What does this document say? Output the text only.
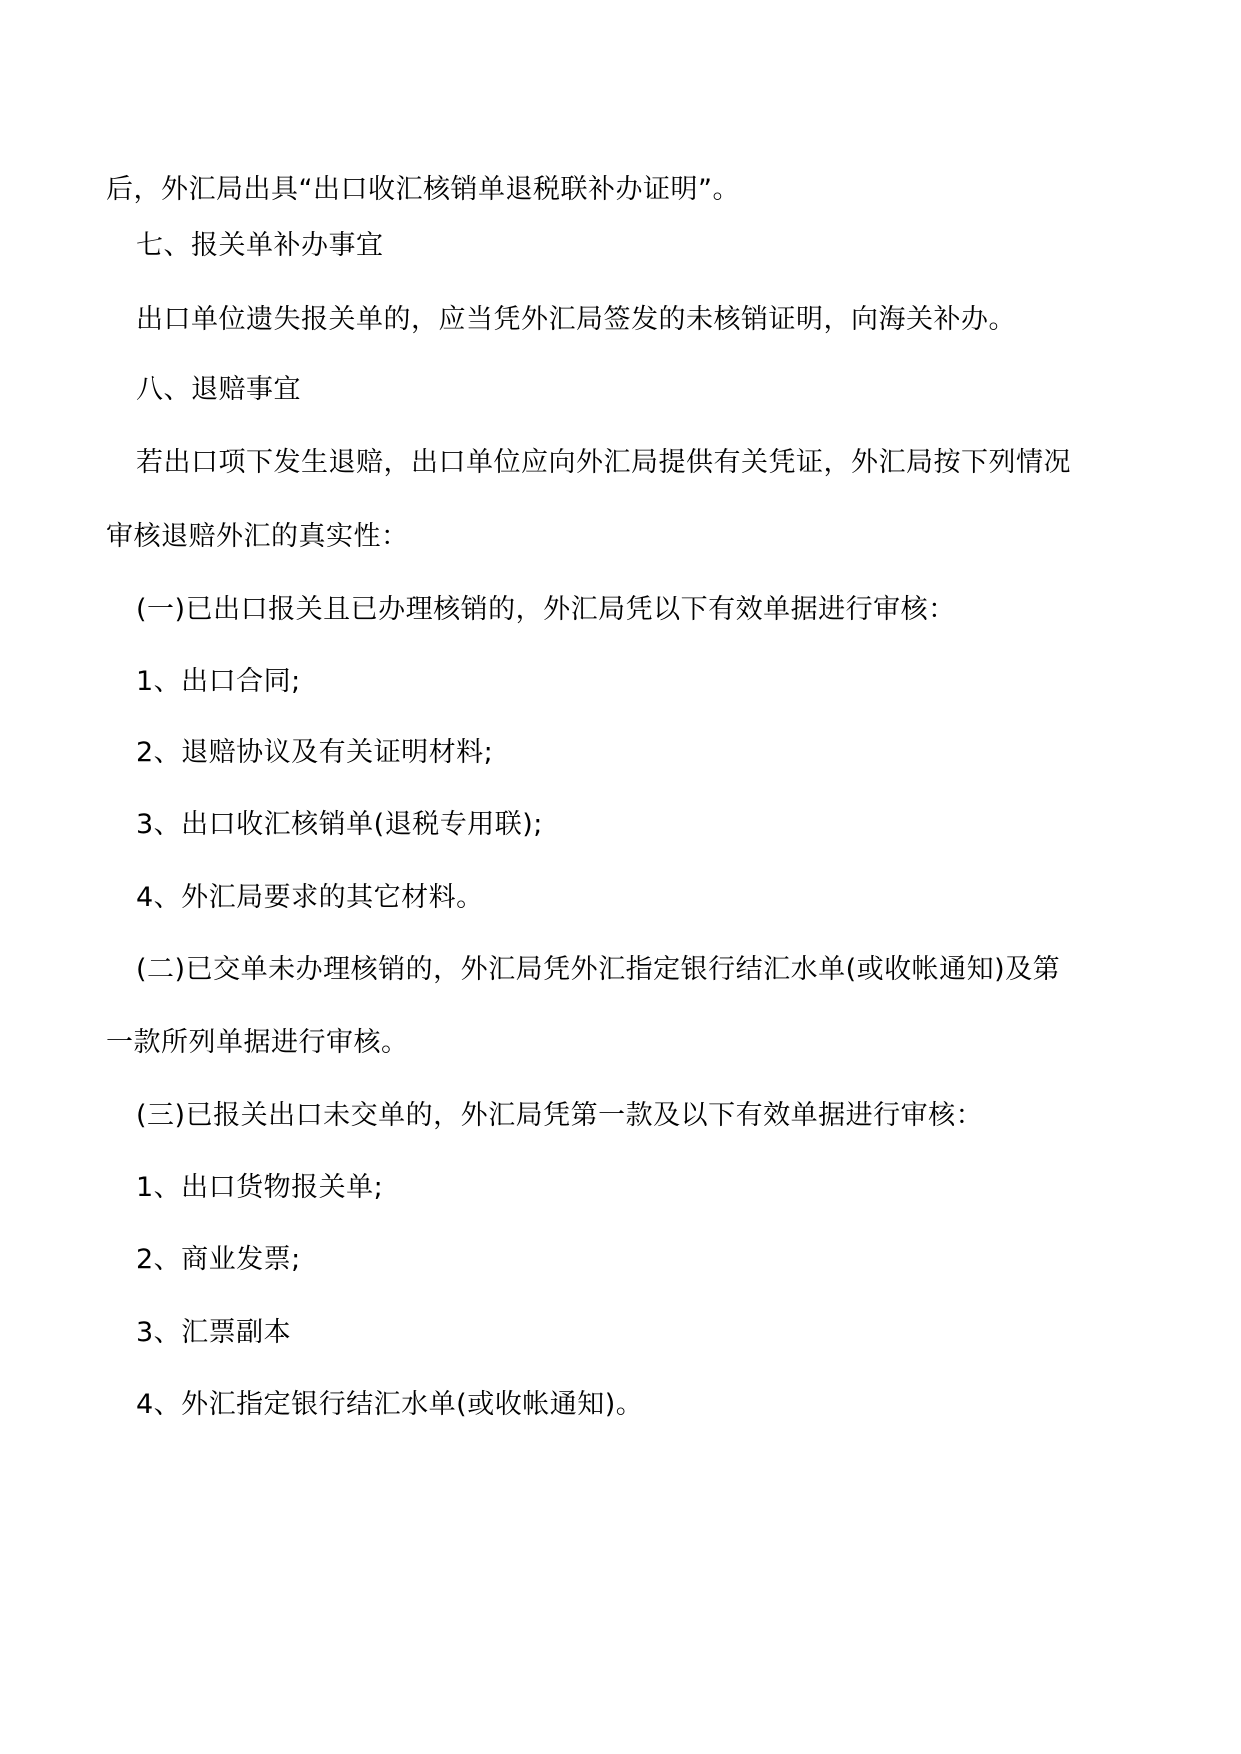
后，外汇局出具“出口收汇核销单退税联补办证明”。
七、报关单补办事宜
出口单位遗失报关单的，应当凭外汇局签发的未核销证明，向海关补办。
八、退赔事宜
若出口项下发生退赔，出口单位应向外汇局提供有关凭证，外汇局按下列情况
审核退赔外汇的真实性：
(一)已出口报关且已办理核销的，外汇局凭以下有效单据进行审核：
1、出口合同;
2、退赔协议及有关证明材料;
3、出口收汇核销单(退税专用联);
4、外汇局要求的其它材料。
(二)已交单未办理核销的，外汇局凭外汇指定银行结汇水单(或收帐通知)及第
一款所列单据进行审核。
(三)已报关出口未交单的，外汇局凭第一款及以下有效单据进行审核：
1、出口货物报关单;
2、商业发票;
3、汇票副本
4、外汇指定银行结汇水单(或收帐通知)。
